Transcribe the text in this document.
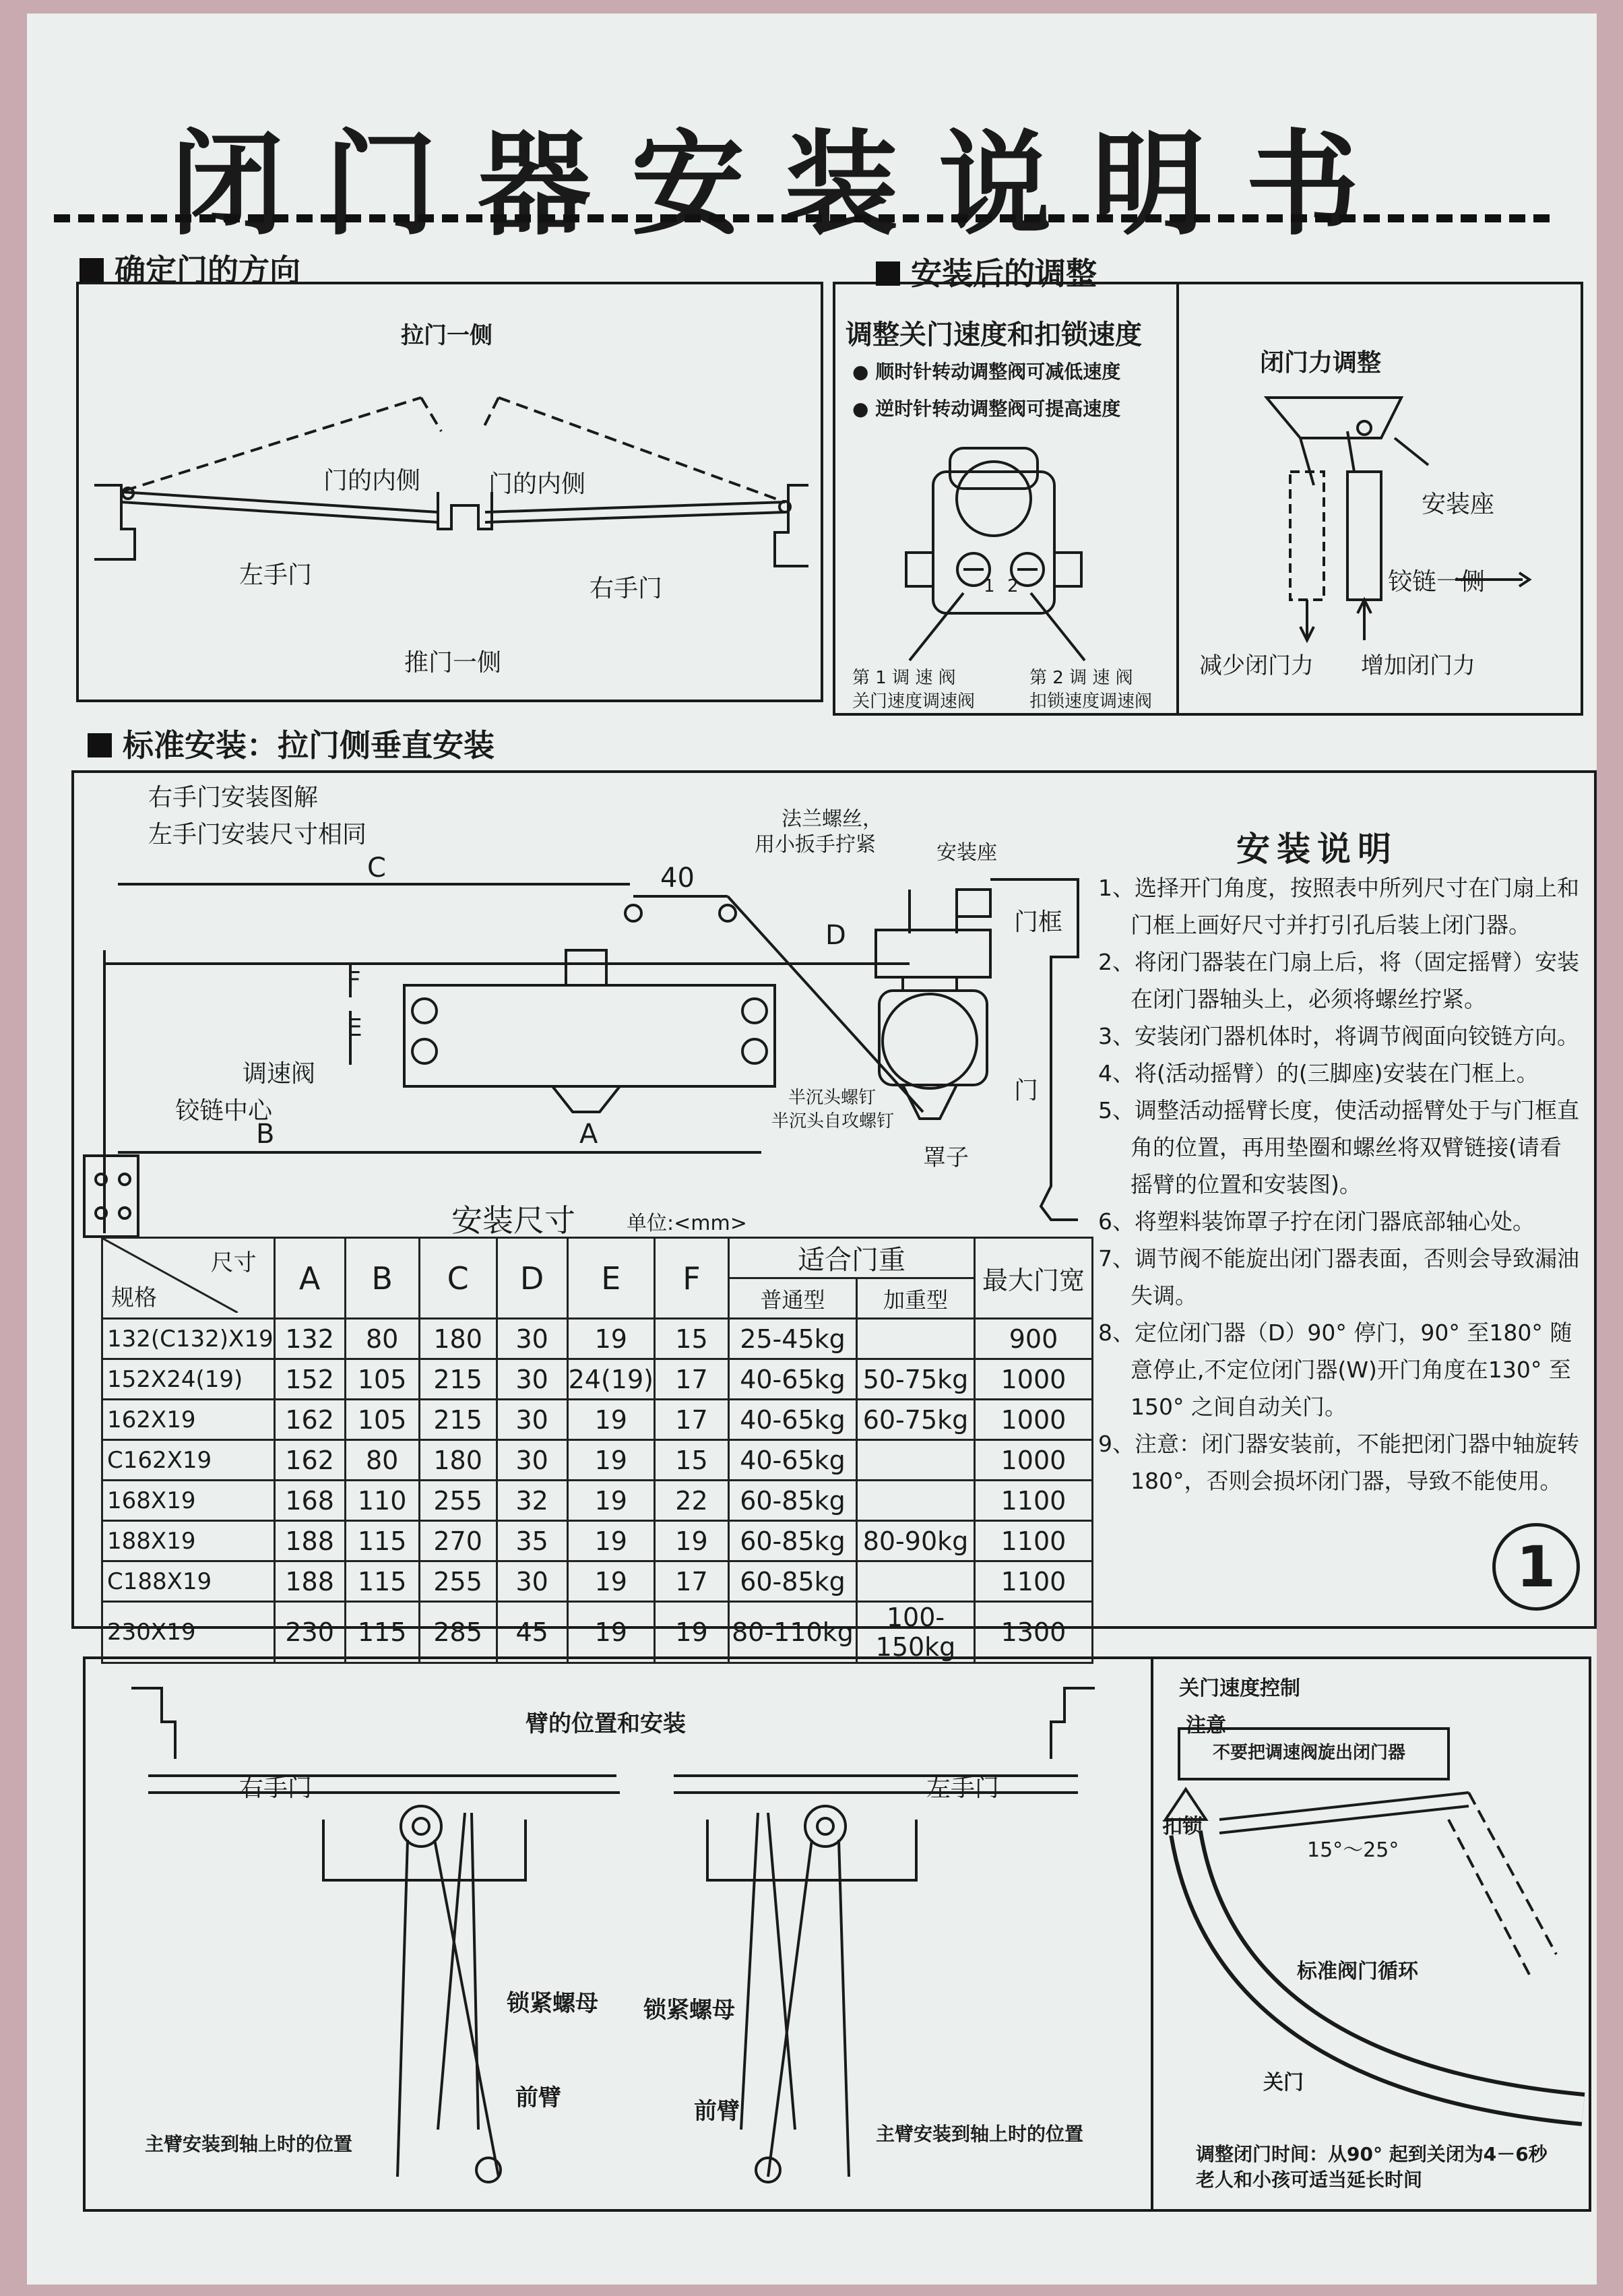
闭门器安装说明书
确定门的方向	安装后的调整
标准安装：拉门侧垂直安装
拉门一侧
门的内侧	门的内侧
左手门	右手门
推门一侧
调整关门速度和扣锁速度
● 顺时针转动调整阀可减低速度
● 逆时针转动调整阀可提高速度
1 2
第 1 调 速 阀
关门速度调速阀
第 2 调 速 阀
扣锁速度调速阀
闭门力调整
安装座
铰链一侧
减少闭门力 增加闭门力
右手门安装图解
左手门安装尺寸相同
法兰螺丝，
用小扳手拧紧	安装座
门框
门
罩子
调速阀
铰链中心	半沉头螺钉
半沉头自攻螺钉
C	40
D
F
E
B	A
安装说明
1、选择开门角度，按照表中所列尺寸在门扇上和门框上画好尺寸并打引孔后装上闭门器。
2、将闭门器装在门扇上后，将（固定摇臂）安装在闭门器轴头上，必须将螺丝拧紧。
3、安装闭门器机体时，将调节阀面向铰链方向。
4、将(活动摇臂）的(三脚座)安装在门框上。
5、调整活动摇臂长度，使活动摇臂处于与门框直角的位置，再用垫圈和螺丝将双臂链接(请看摇臂的位置和安装图)。
6、将塑料装饰罩子拧在闭门器底部轴心处。
7、调节阀不能旋出闭门器表面，否则会导致漏油失调。
8、定位闭门器（D）90° 停门，90° 至180° 随意停止,不定位闭门器(W)开门角度在130° 至150° 之间自动关门。
9、注意：闭门器安装前，不能把闭门器中轴旋转180°，否则会损坏闭门器，导致不能使用。
1
安装尺寸	单位:<mm>
尺寸
规格	A	B	C	D	E	F	适合门重		最大门宽
							普通型	加重型	
132(C132)X19	132	80	180	30	19	15	25-45kg		900
152X24(19)	152	105	215	30	24(19)	17	40-65kg	50-75kg	1000
162X19	162	105	215	30	19	17	40-65kg	60-75kg	1000
C162X19	162	80	180	30	19	15	40-65kg		1000
168X19	168	110	255	32	19	22	60-85kg		1100
188X19	188	115	270	35	19	19	60-85kg	80-90kg	1100
C188X19	188	115	255	30	19	17	60-85kg		1100
230X19	230	115	285	45	19	19	80-110kg	100-150kg	1300
臂的位置和安装
右手门	左手门
锁紧螺母 锁紧螺母
前臂	前臂
主臂安装到轴上时的位置	主臂安装到轴上时的位置
关门速度控制
注意
不要把调速阀旋出闭门器
扣锁
15°～25°
标准阀门循环
关门
调整闭门时间：从90° 起到关闭为4－6秒
老人和小孩可适当延长时间
